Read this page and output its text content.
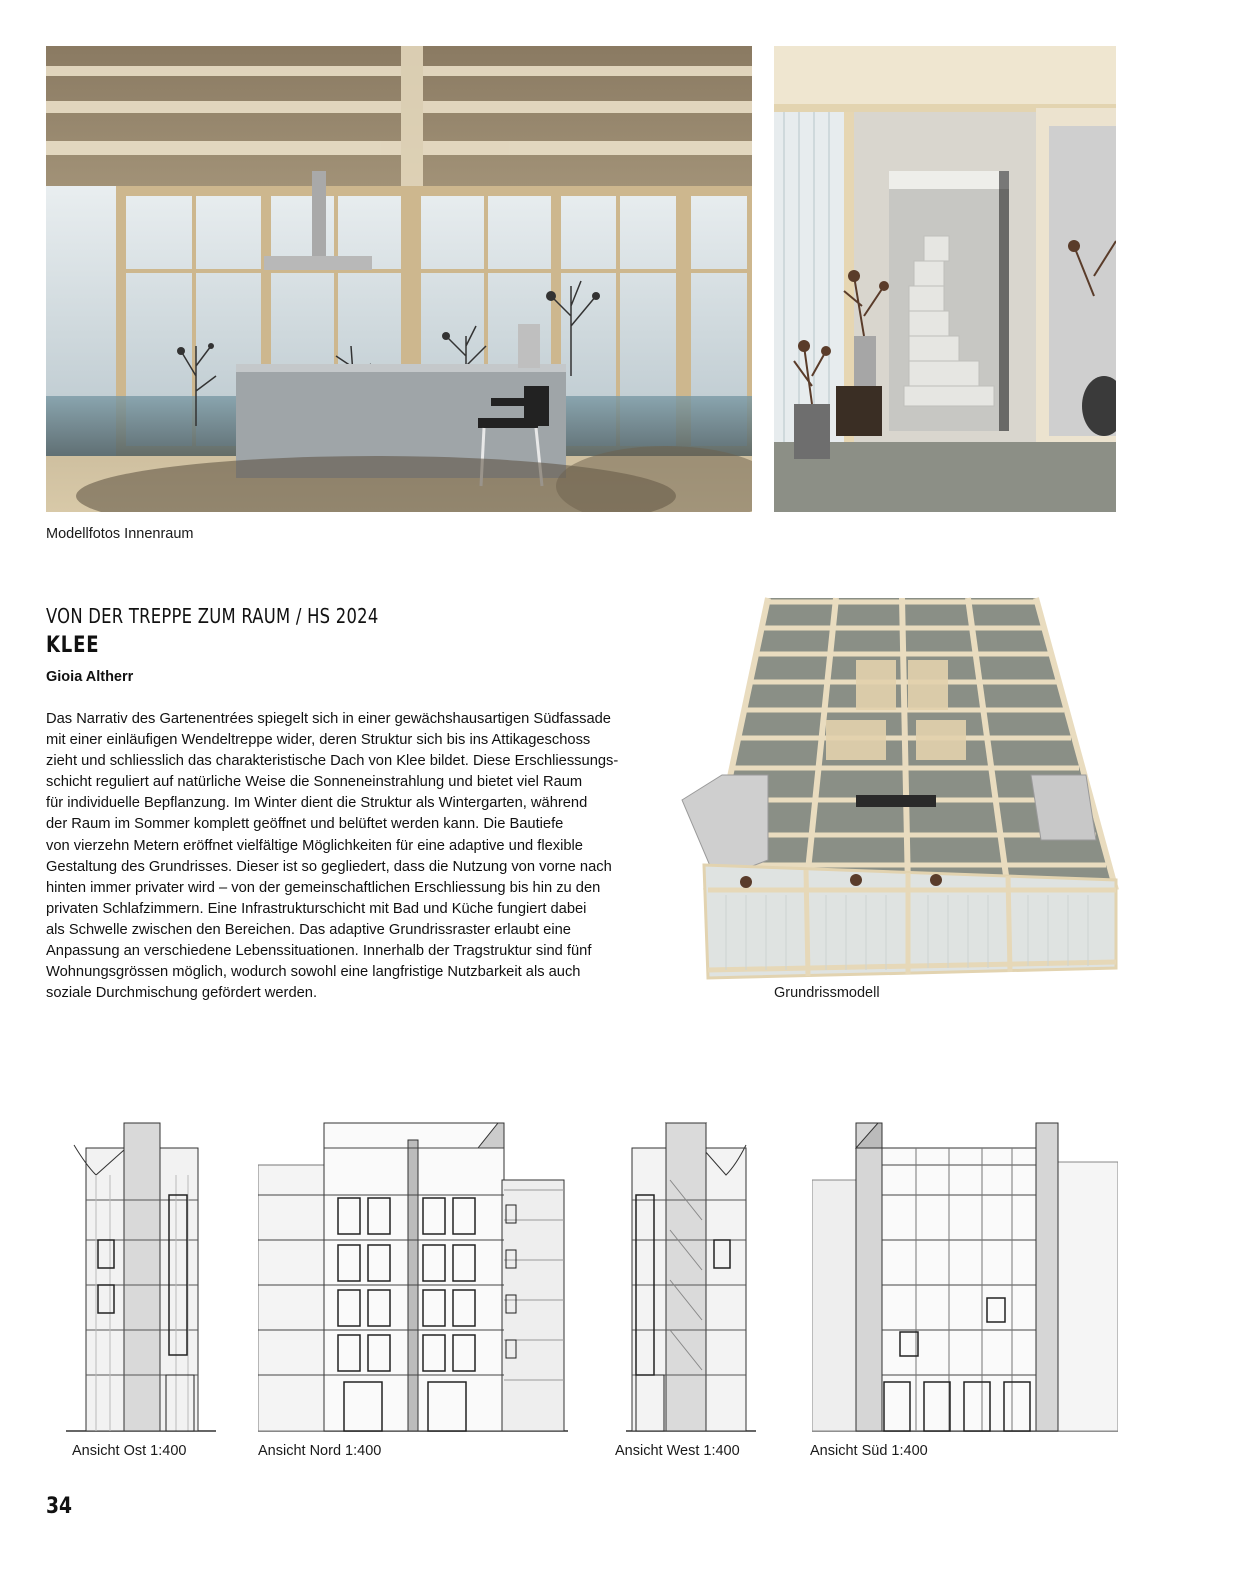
Modellfotos Innenraum
VON DER TREPPE ZUM RAUM / HS 2024
KLEE
Gioia Altherr

Das Narrativ des Gartenentrées spiegelt sich in einer gewächshausartigen Südfassade

mit einer einläufigen Wendeltreppe wider, deren Struktur sich bis ins Attikageschoss

zieht und schliesslich das charakteristische Dach von Klee bildet. Diese Erschliessungs-

schicht reguliert auf natürliche Weise die Sonneneinstrahlung und bietet viel Raum

für individuelle Bepflanzung. Im Winter dient die Struktur als Wintergarten, während

der Raum im Sommer komplett geöffnet und belüftet werden kann. Die Bautiefe

von vierzehn Metern eröffnet vielfältige Möglichkeiten für eine adaptive und flexible

Gestaltung des Grundrisses. Dieser ist so gegliedert, dass die Nutzung von vorne nach

hinten immer privater wird – von der gemeinschaftlichen Erschliessung bis hin zu den

privaten Schlafzimmern. Eine Infrastrukturschicht mit Bad und Küche fungiert dabei

als Schwelle zwischen den Bereichen. Das adaptive Grundrissraster erlaubt eine

Anpassung an verschiedene Lebenssituationen. Innerhalb der Tragstruktur sind fünf

Wohnungsgrössen möglich, wodurch sowohl eine langfristige Nutzbarkeit als auch

soziale Durchmischung gefördert werden.	Grundrissmodell
Ansicht Ost 1:400	Ansicht Nord 1:400	Ansicht West 1:400	Ansicht Süd 1:400
34
